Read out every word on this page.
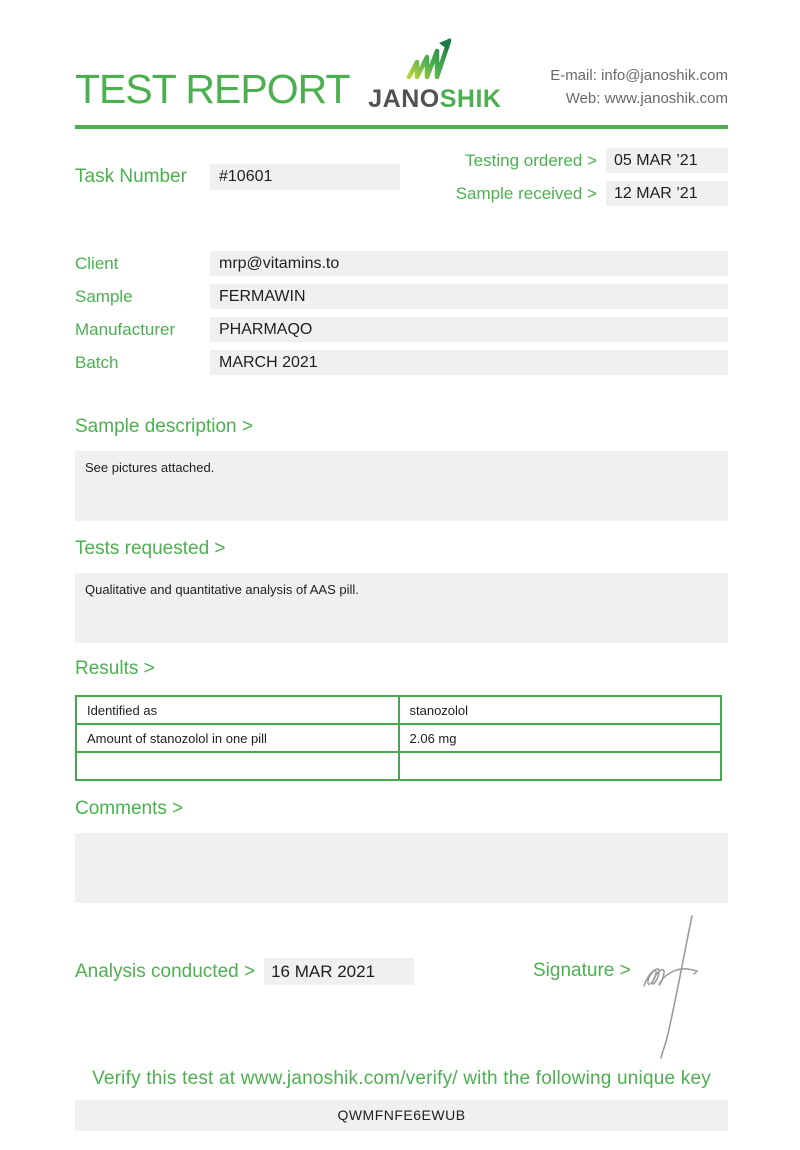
TEST REPORT JANOSHIK
E-mail: info@janoshik.com
Web: www.janoshik.com
Task Number	#10601
Testing ordered >	05 MAR ’21
Sample received >	12 MAR ’21
Client	mrp@vitamins.to
Sample	FERMAWIN
Manufacturer	PHARMAQO
Batch	MARCH 2021
Sample description >
See pictures attached.
Tests requested >
Qualitative and quantitative analysis of AAS pill.
Results >
Identified as	stanozolol
Amount of stanozolol in one pill	2.06 mg

Comments >
Analysis conducted > 16 MAR 2021	Signature >
Verify this test at www.janoshik.com/verify/ with the following unique key
QWMFNFE6EWUB
